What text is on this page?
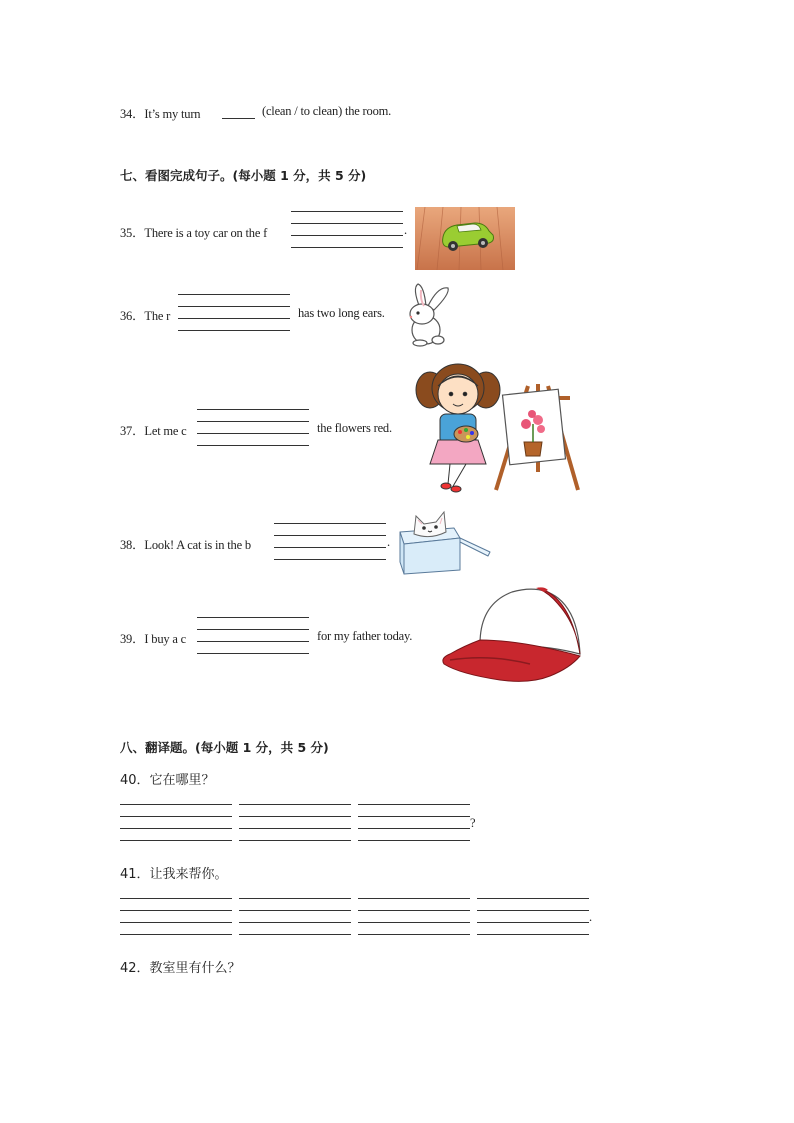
34．It’s my turn	(clean / to clean) the room.
七、看图完成句子。(每小题 1 分，共 5 分)
35．There is a toy car on the f	.
36．The r	has two long ears.
37．Let me c	the flowers red.
38．Look! A cat is in the b	.
39．I buy a c	for my father today.
八、翻译题。(每小题 1 分，共 5 分)
40．它在哪里？
?
41．让我来帮你。
.
42．教室里有什么？
